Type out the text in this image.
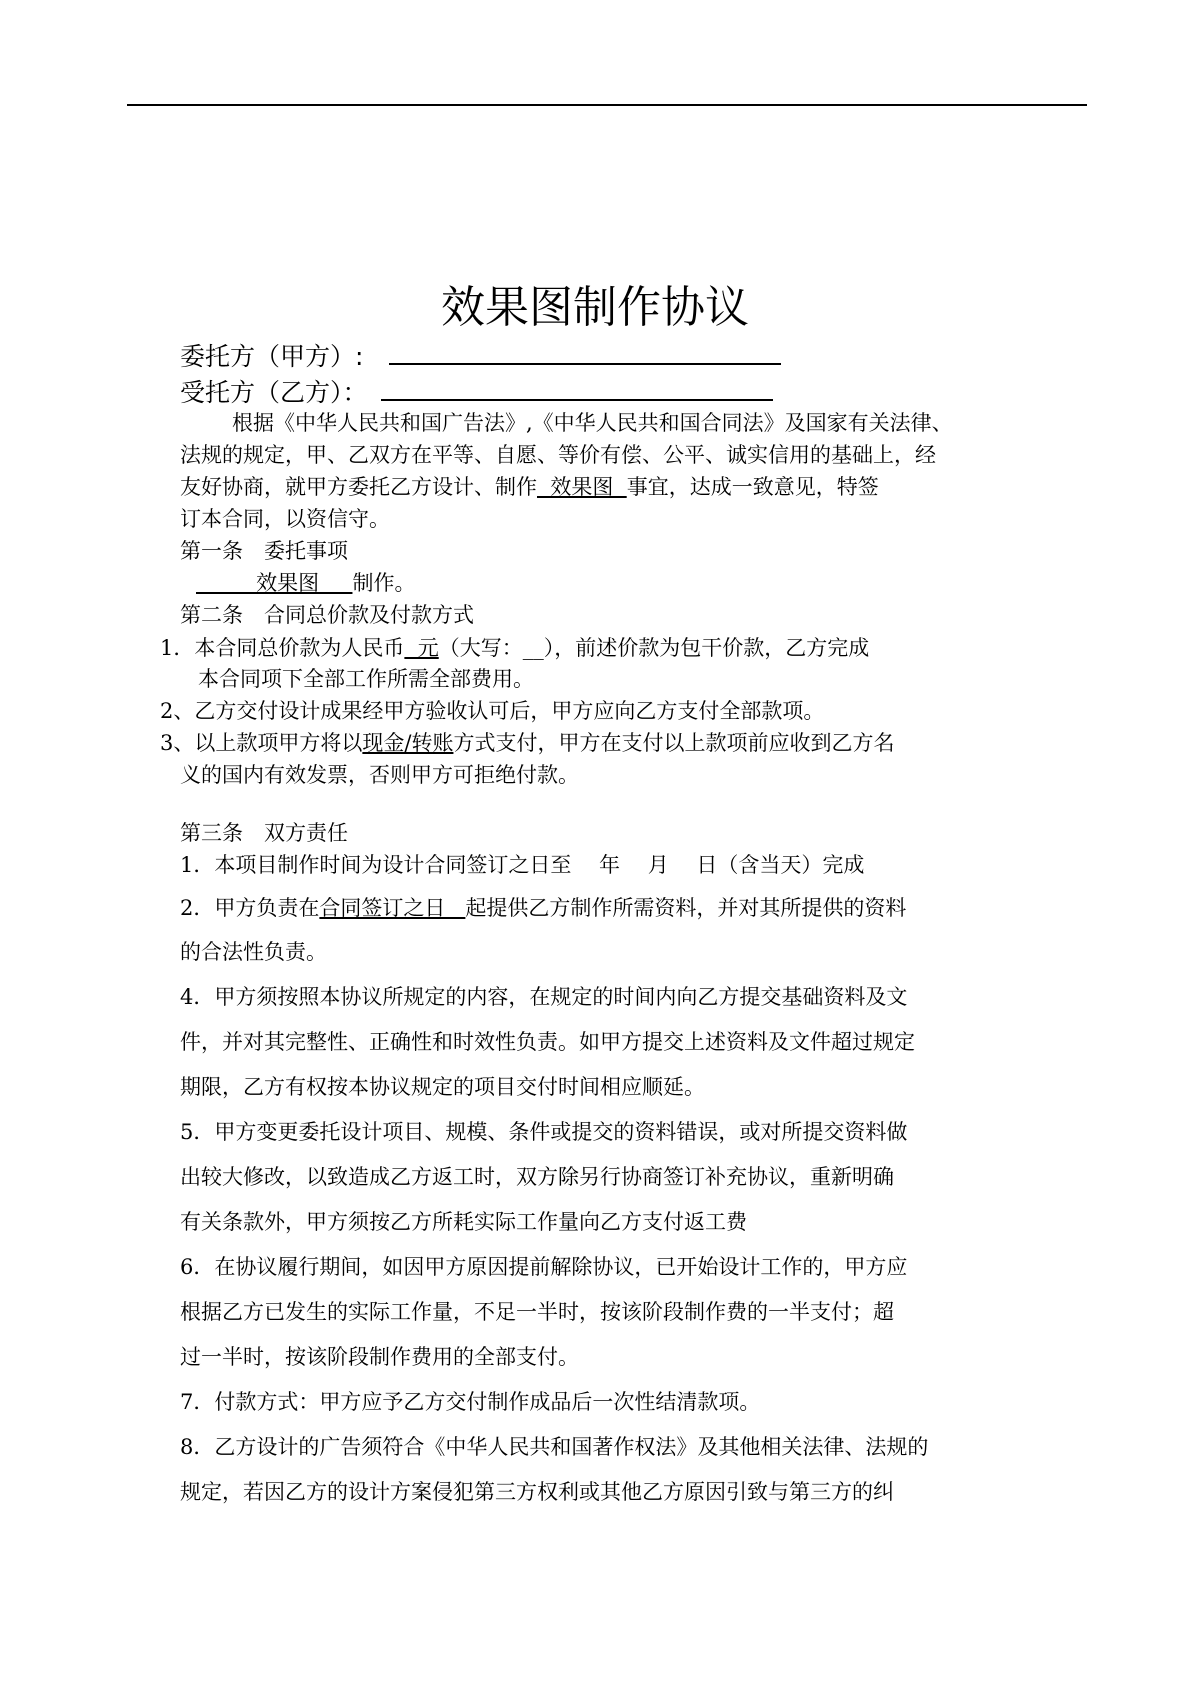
效果图制作协议
委托方（甲方）:
受托方（乙方）：
根据《中华人民共和国广告法》,《中华人民共和国合同法》及国家有关法律、
法规的规定，甲、乙双方在平等、自愿、等价有偿、公平、诚实信用的基础上，经
友好协商，就甲方委托乙方设计、制作  效果图  事宜，达成一致意见，特签
订本合同，以资信守。
第一条　委托事项
效果图     制作。
第二条　合同总价款及付款方式
1．本合同总价款为人民币  元（大写：__），前述价款为包干价款，乙方完成
本合同项下全部工作所需全部费用。
2、乙方交付设计成果经甲方验收认可后，甲方应向乙方支付全部款项。
3、以上款项甲方将以现金/转账方式支付，甲方在支付以上款项前应收到乙方名
义的国内有效发票，否则甲方可拒绝付款。
第三条　双方责任
1．本项目制作时间为设计合同签订之日至　 年　 月　 日（含当天）完成
2．甲方负责在合同签订之日   起提供乙方制作所需资料，并对其所提供的资料
的合法性负责。
4．甲方须按照本协议所规定的内容，在规定的时间内向乙方提交基础资料及文
件，并对其完整性、正确性和时效性负责。如甲方提交上述资料及文件超过规定
期限，乙方有权按本协议规定的项目交付时间相应顺延。
5．甲方变更委托设计项目、规模、条件或提交的资料错误，或对所提交资料做
出较大修改，以致造成乙方返工时，双方除另行协商签订补充协议，重新明确
有关条款外，甲方须按乙方所耗实际工作量向乙方支付返工费
6．在协议履行期间，如因甲方原因提前解除协议，已开始设计工作的，甲方应
根据乙方已发生的实际工作量，不足一半时，按该阶段制作费的一半支付；超
过一半时，按该阶段制作费用的全部支付。
7．付款方式：甲方应予乙方交付制作成品后一次性结清款项。
8．乙方设计的广告须符合《中华人民共和国著作权法》及其他相关法律、法规的
规定，若因乙方的设计方案侵犯第三方权利或其他乙方原因引致与第三方的纠
